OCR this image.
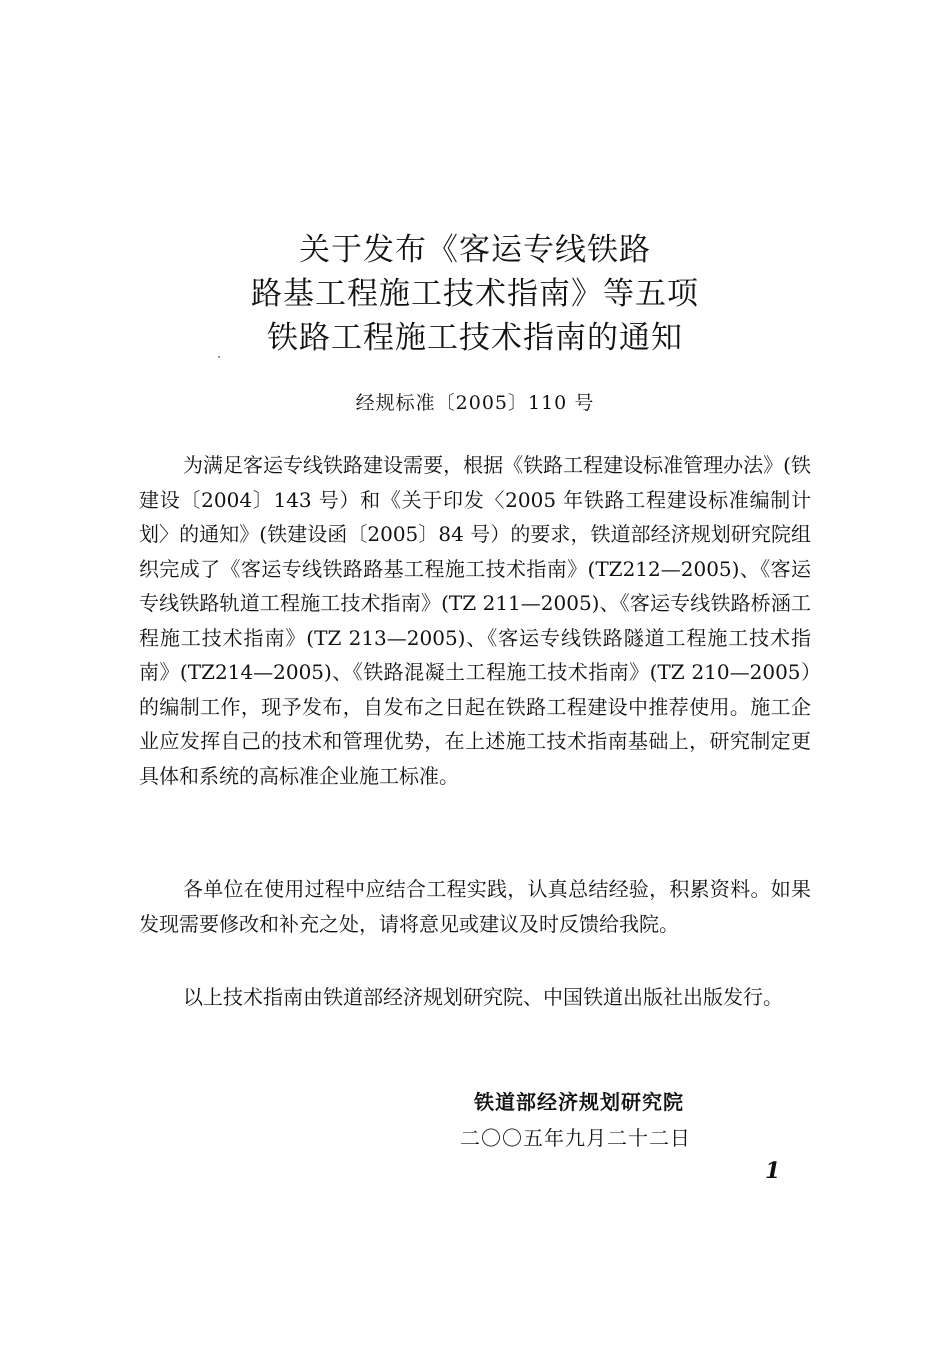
关于发布《客运专线铁路
路基工程施工技术指南》等五项
铁路工程施工技术指南的通知
经规标准〔2005〕110 号

为满足客运专线铁路建设需要，根据《铁路工程建设标准管理办法》(铁建设〔2004〕143 号）和《关于印发〈2005 年铁路工程建设标准编制计划〉的通知》(铁建设函〔2005〕84 号）的要求，铁道部经济规划研究院组织完成了《客运专线铁路路基工程施工技术指南》(TZ212—2005)、《客运专线铁路轨道工程施工技术指南》(TZ 211—2005)、《客运专线铁路桥涵工程施工技术指南》(TZ 213—2005)、《客运专线铁路隧道工程施工技术指南》(TZ214—2005)、《铁路混凝土工程施工技术指南》(TZ 210—2005）的编制工作，现予发布，自发布之日起在铁路工程建设中推荐使用。施工企业应发挥自己的技术和管理优势，在上述施工技术指南基础上，研究制定更具体和系统的高标准企业施工标准。

各单位在使用过程中应结合工程实践，认真总结经验，积累资料。如果发现需要修改和补充之处，请将意见或建议及时反馈给我院。

以上技术指南由铁道部经济规划研究院、中国铁道出版社出版发行。

铁道部经济规划研究院
二〇〇五年九月二十二日
1
